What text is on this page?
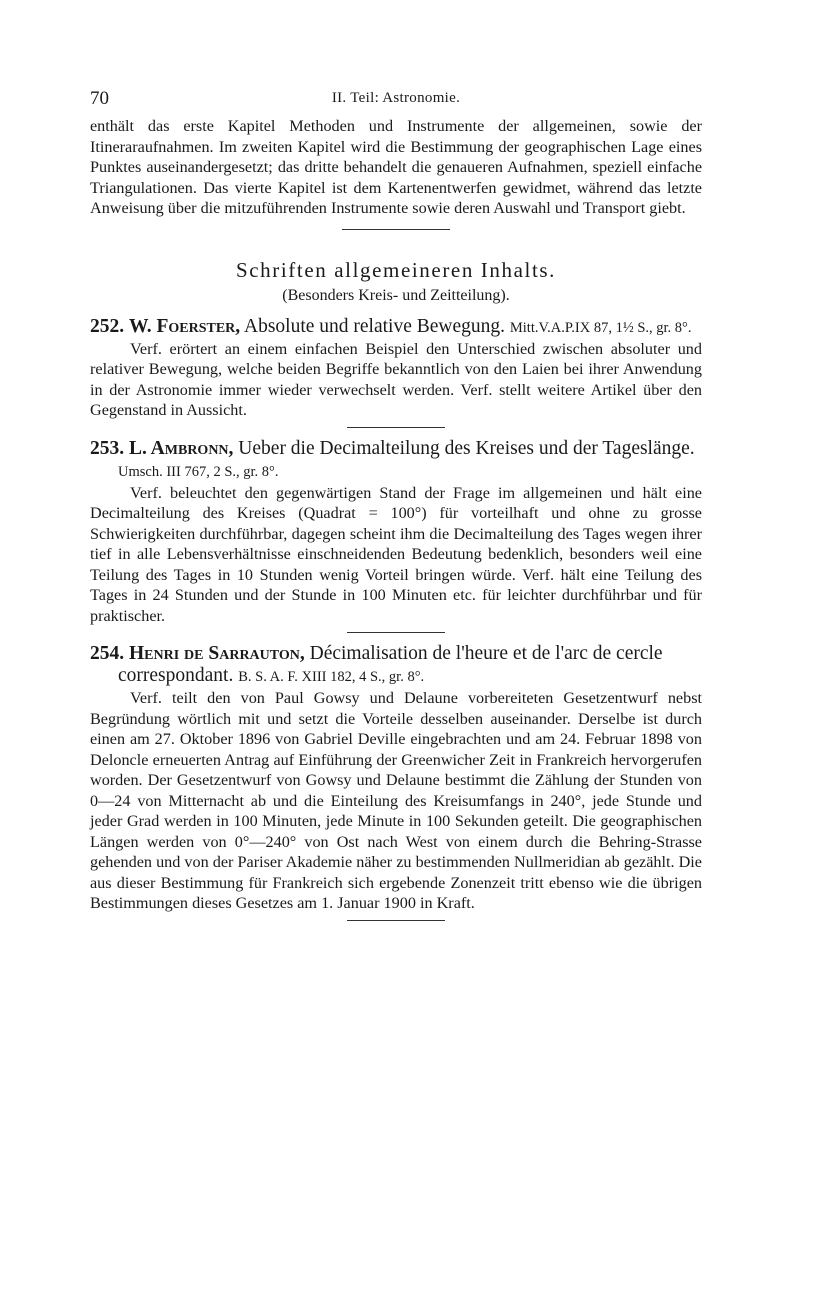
70	II. Teil: Astronomie.

enthält das erste Kapitel Methoden und Instrumente der allgemeinen, sowie der Itineraraufnahmen. Im zweiten Kapitel wird die Bestimmung der geographischen Lage eines Punktes auseinandergesetzt; das dritte behandelt die genaueren Aufnahmen, speziell einfache Triangulationen. Das vierte Kapitel ist dem Kartenentwerfen gewidmet, während das letzte Anweisung über die mitzuführenden Instrumente sowie deren Auswahl und Transport giebt.

Schriften allgemeineren Inhalts.
(Besonders Kreis- und Zeitteilung).
252. W. Foerster, Absolute und relative Bewegung. Mitt.V.A.P.IX 87, 1½ S., gr. 8°.

Verf. erörtert an einem einfachen Beispiel den Unterschied zwischen absoluter und relativer Bewegung, welche beiden Begriffe bekanntlich von den Laien bei ihrer Anwendung in der Astronomie immer wieder verwechselt werden. Verf. stellt weitere Artikel über den Gegenstand in Aussicht.

253. L. Ambronn, Ueber die Decimalteilung des Kreises und der Tageslänge. Umsch. III 767, 2 S., gr. 8°.

Verf. beleuchtet den gegenwärtigen Stand der Frage im allgemeinen und hält eine Decimalteilung des Kreises (Quadrat = 100°) für vorteilhaft und ohne zu grosse Schwierigkeiten durchführbar, dagegen scheint ihm die Decimalteilung des Tages wegen ihrer tief in alle Lebensverhältnisse einschneidenden Bedeutung bedenklich, besonders weil eine Teilung des Tages in 10 Stunden wenig Vorteil bringen würde. Verf. hält eine Teilung des Tages in 24 Stunden und der Stunde in 100 Minuten etc. für leichter durchführbar und für praktischer.

254. Henri de Sarrauton, Décimalisation de l'heure et de l'arc de cercle correspondant. B. S. A. F. XIII 182, 4 S., gr. 8°.

Verf. teilt den von Paul Gowsy und Delaune vorbereiteten Gesetzentwurf nebst Begründung wörtlich mit und setzt die Vorteile desselben auseinander. Derselbe ist durch einen am 27. Oktober 1896 von Gabriel Deville eingebrachten und am 24. Februar 1898 von Deloncle erneuerten Antrag auf Einführung der Greenwicher Zeit in Frankreich hervorgerufen worden. Der Gesetzentwurf von Gowsy und Delaune bestimmt die Zählung der Stunden von 0—24 von Mitternacht ab und die Einteilung des Kreisumfangs in 240°, jede Stunde und jeder Grad werden in 100 Minuten, jede Minute in 100 Sekunden geteilt. Die geographischen Längen werden von 0°—240° von Ost nach West von einem durch die Behring-Strasse gehenden und von der Pariser Akademie näher zu bestimmenden Nullmeridian ab gezählt. Die aus dieser Bestimmung für Frankreich sich ergebende Zonenzeit tritt ebenso wie die übrigen Bestimmungen dieses Gesetzes am 1. Januar 1900 in Kraft.
